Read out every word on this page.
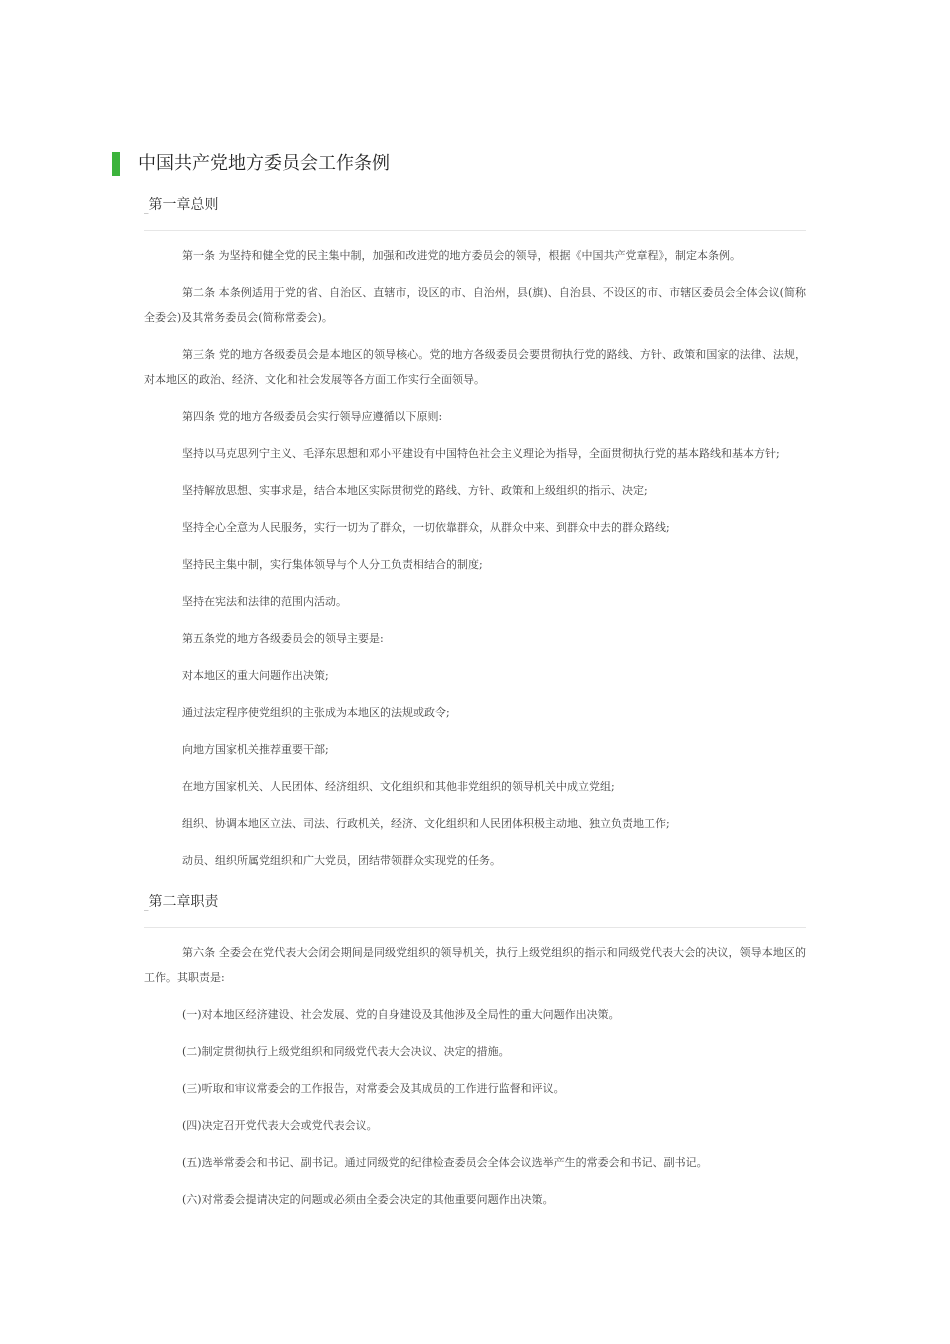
中国共产党地方委员会工作条例
_第一章总则

第一条 为坚持和健全党的民主集中制，加强和改进党的地方委员会的领导，根据《中国共产党章程》，制定本条例。

第二条 本条例适用于党的省、自治区、直辖市，设区的市、自治州，县(旗)、自治县、不设区的市、市辖区委员会全体会议(简称全委会)及其常务委员会(简称常委会)。

第三条 党的地方各级委员会是本地区的领导核心。党的地方各级委员会要贯彻执行党的路线、方针、政策和国家的法律、法规，对本地区的政治、经济、文化和社会发展等各方面工作实行全面领导。

第四条 党的地方各级委员会实行领导应遵循以下原则:

坚持以马克思列宁主义、毛泽东思想和邓小平建设有中国特色社会主义理论为指导，全面贯彻执行党的基本路线和基本方针;

坚持解放思想、实事求是，结合本地区实际贯彻党的路线、方针、政策和上级组织的指示、决定;

坚持全心全意为人民服务，实行一切为了群众，一切依靠群众，从群众中来、到群众中去的群众路线;

坚持民主集中制，实行集体领导与个人分工负责相结合的制度;

坚持在宪法和法律的范围内活动。

第五条党的地方各级委员会的领导主要是:

对本地区的重大问题作出决策;

通过法定程序使党组织的主张成为本地区的法规或政令;

向地方国家机关推荐重要干部;

在地方国家机关、人民团体、经济组织、文化组织和其他非党组织的领导机关中成立党组;

组织、协调本地区立法、司法、行政机关，经济、文化组织和人民团体积极主动地、独立负责地工作;

动员、组织所属党组织和广大党员，团结带领群众实现党的任务。

_第二章职责

第六条 全委会在党代表大会闭会期间是同级党组织的领导机关，执行上级党组织的指示和同级党代表大会的决议，领导本地区的工作。其职责是:

(一)对本地区经济建设、社会发展、党的自身建设及其他涉及全局性的重大问题作出决策。

(二)制定贯彻执行上级党组织和同级党代表大会决议、决定的措施。

(三)听取和审议常委会的工作报告，对常委会及其成员的工作进行监督和评议。

(四)决定召开党代表大会或党代表会议。

(五)选举常委会和书记、副书记。通过同级党的纪律检查委员会全体会议选举产生的常委会和书记、副书记。

(六)对常委会提请决定的问题或必须由全委会决定的其他重要问题作出决策。
